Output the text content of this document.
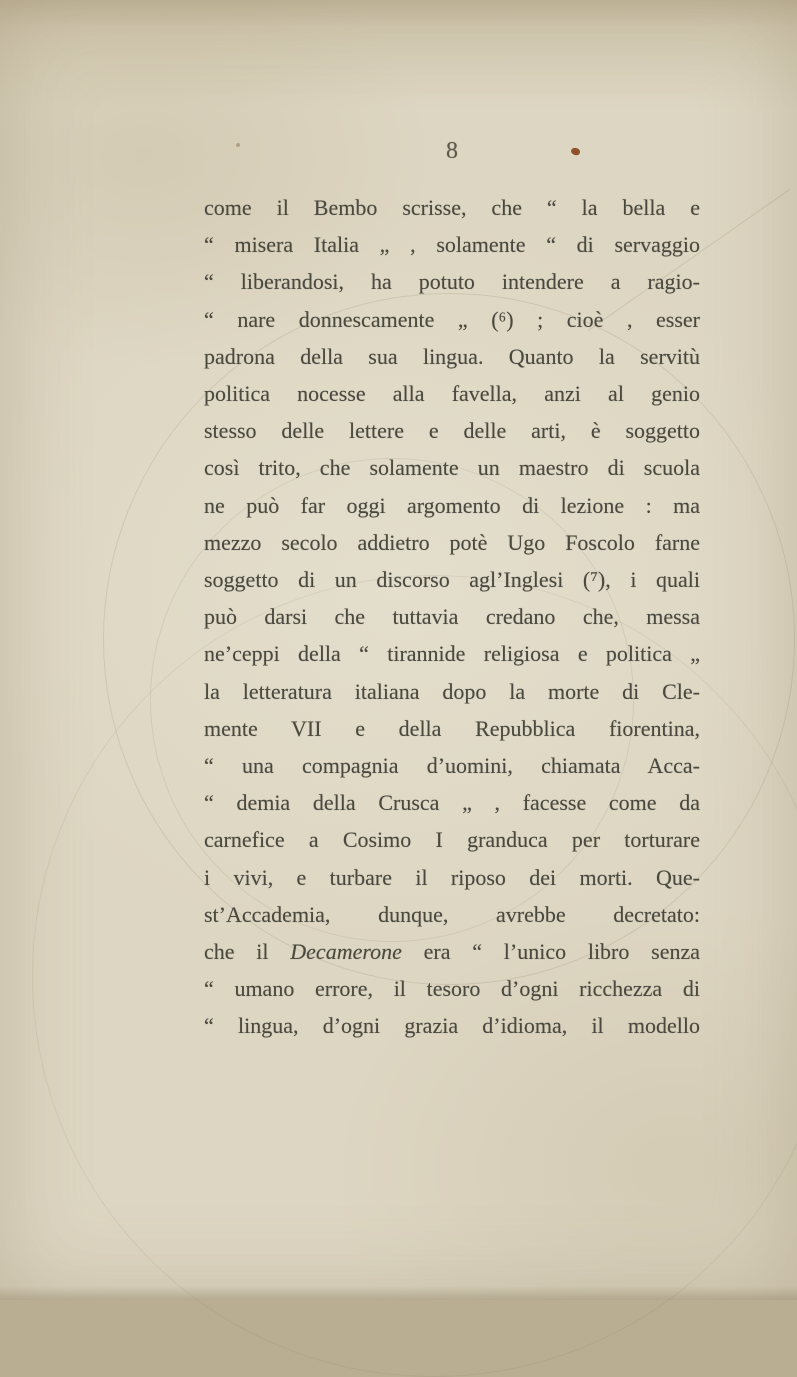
8
come il Bembo scrisse, che “ la bella e
“ misera Italia „ , solamente “ di servaggio
“ liberandosi, ha potuto intendere a ragio-
“ nare donnescamente „ (⁶) ; cioè , esser
padrona della sua lingua. Quanto la servitù
politica nocesse alla favella, anzi al genio
stesso delle lettere e delle arti, è soggetto
così trito, che solamente un maestro di scuola
ne può far oggi argomento di lezione : ma
mezzo secolo addietro potè Ugo Foscolo farne
soggetto di un discorso agl’Inglesi (⁷), i quali
può darsi che tuttavia credano che, messa
ne’ceppi della “ tirannide religiosa e politica „
la letteratura italiana dopo la morte di Cle-
mente VII e della Repubblica fiorentina,
“ una compagnia d’uomini, chiamata Acca-
“ demia della Crusca „ , facesse come da
carnefice a Cosimo I granduca per torturare
i vivi, e turbare il riposo dei morti. Que-
st’Accademia, dunque, avrebbe decretato:
che il Decamerone era “ l’unico libro senza
“ umano errore, il tesoro d’ogni ricchezza di
“ lingua, d’ogni grazia d’idioma, il modello
